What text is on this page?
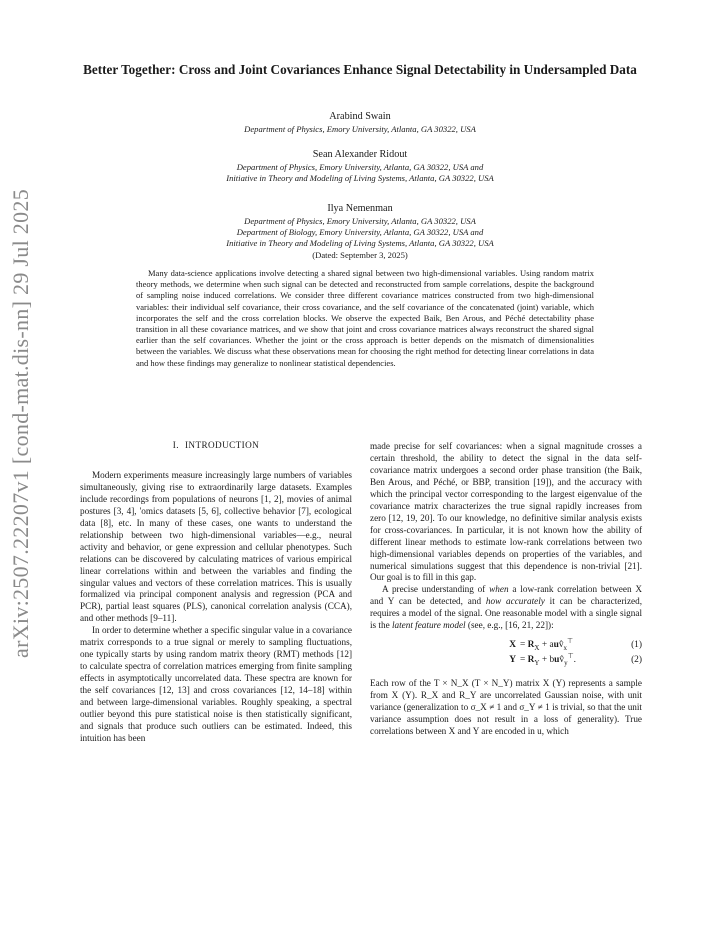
arXiv:2507.22207v1 [cond-mat.dis-nn] 29 Jul 2025
Better Together: Cross and Joint Covariances Enhance Signal Detectability in Undersampled Data
Arabind Swain
Department of Physics, Emory University, Atlanta, GA 30322, USA
Sean Alexander Ridout
Department of Physics, Emory University, Atlanta, GA 30322, USA and
Initiative in Theory and Modeling of Living Systems, Atlanta, GA 30322, USA
Ilya Nemenman
Department of Physics, Emory University, Atlanta, GA 30322, USA
Department of Biology, Emory University, Atlanta, GA 30322, USA and
Initiative in Theory and Modeling of Living Systems, Atlanta, GA 30322, USA
(Dated: September 3, 2025)
Many data-science applications involve detecting a shared signal between two high-dimensional variables. Using random matrix theory methods, we determine when such signal can be detected and reconstructed from sample correlations, despite the background of sampling noise induced correlations. We consider three different covariance matrices constructed from two high-dimensional variables: their individual self covariance, their cross covariance, and the self covariance of the concatenated (joint) variable, which incorporates the self and the cross correlation blocks. We observe the expected Baik, Ben Arous, and Péché detectability phase transition in all these covariance matrices, and we show that joint and cross covariance matrices always reconstruct the shared signal earlier than the self covariances. Whether the joint or the cross approach is better depends on the mismatch of dimensionalities between the variables. We discuss what these observations mean for choosing the right method for detecting linear correlations in data and how these findings may generalize to nonlinear statistical dependencies.
I. INTRODUCTION

Modern experiments measure increasingly large numbers of variables simultaneously, giving rise to extraordinarily large datasets. Examples include recordings from populations of neurons [1, 2], movies of animal postures [3, 4], 'omics datasets [5, 6], collective behavior [7], ecological data [8], etc. In many of these cases, one wants to understand the relationship between two high-dimensional variables—e.g., neural activity and behavior, or gene expression and cellular phenotypes. Such relations can be discovered by calculating matrices of various empirical linear correlations within and between the variables and finding the singular values and vectors of these correlation matrices. This is usually formalized via principal component analysis and regression (PCA and PCR), partial least squares (PLS), canonical correlation analysis (CCA), and other methods [9–11].

In order to determine whether a specific singular value in a covariance matrix corresponds to a true signal or merely to sampling fluctuations, one typically starts by using random matrix theory (RMT) methods [12] to calculate spectra of correlation matrices emerging from finite sampling effects in asymptotically uncorrelated data. These spectra are known for the self covariances [12, 13] and cross covariances [12, 14–18] within and between large-dimensional variables. Roughly speaking, a spectral outlier beyond this pure statistical noise is then statistically significant, and signals that produce such outliers can be estimated. Indeed, this intuition has been

made precise for self covariances: when a signal magnitude crosses a certain threshold, the ability to detect the signal in the data self-covariance matrix undergoes a second order phase transition (the Baik, Ben Arous, and Péché, or BBP, transition [19]), and the accuracy with which the principal vector corresponding to the largest eigenvalue of the covariance matrix characterizes the true signal rapidly increases from zero [12, 19, 20]. To our knowledge, no definitive similar analysis exists for cross-covariances. In particular, it is not known how the ability of different linear methods to estimate low-rank correlations between two high-dimensional variables depends on properties of the variables, and numerical simulations suggest that this dependence is non-trivial [21]. Our goal is to fill in this gap.

A precise understanding of when a low-rank correlation between X and Y can be detected, and how accurately it can be characterized, requires a model of the signal. One reasonable model with a single signal is the latent feature model (see, e.g., [16, 21, 22]):

$X = R_X$ + $auv̂_x^⊤$	(1)
$Y = R_Y$ + $buv̂_y^⊤$.	(2)

Each row of the T × N_X (T × N_Y) matrix X (Y) represents a sample from X (Y). R_X and R_Y are uncorrelated Gaussian noise, with unit variance (generalization to σ_X ≠ 1 and σ_Y ≠ 1 is trivial, so that the unit variance assumption does not result in a loss of generality). True correlations between X and Y are encoded in u, which
